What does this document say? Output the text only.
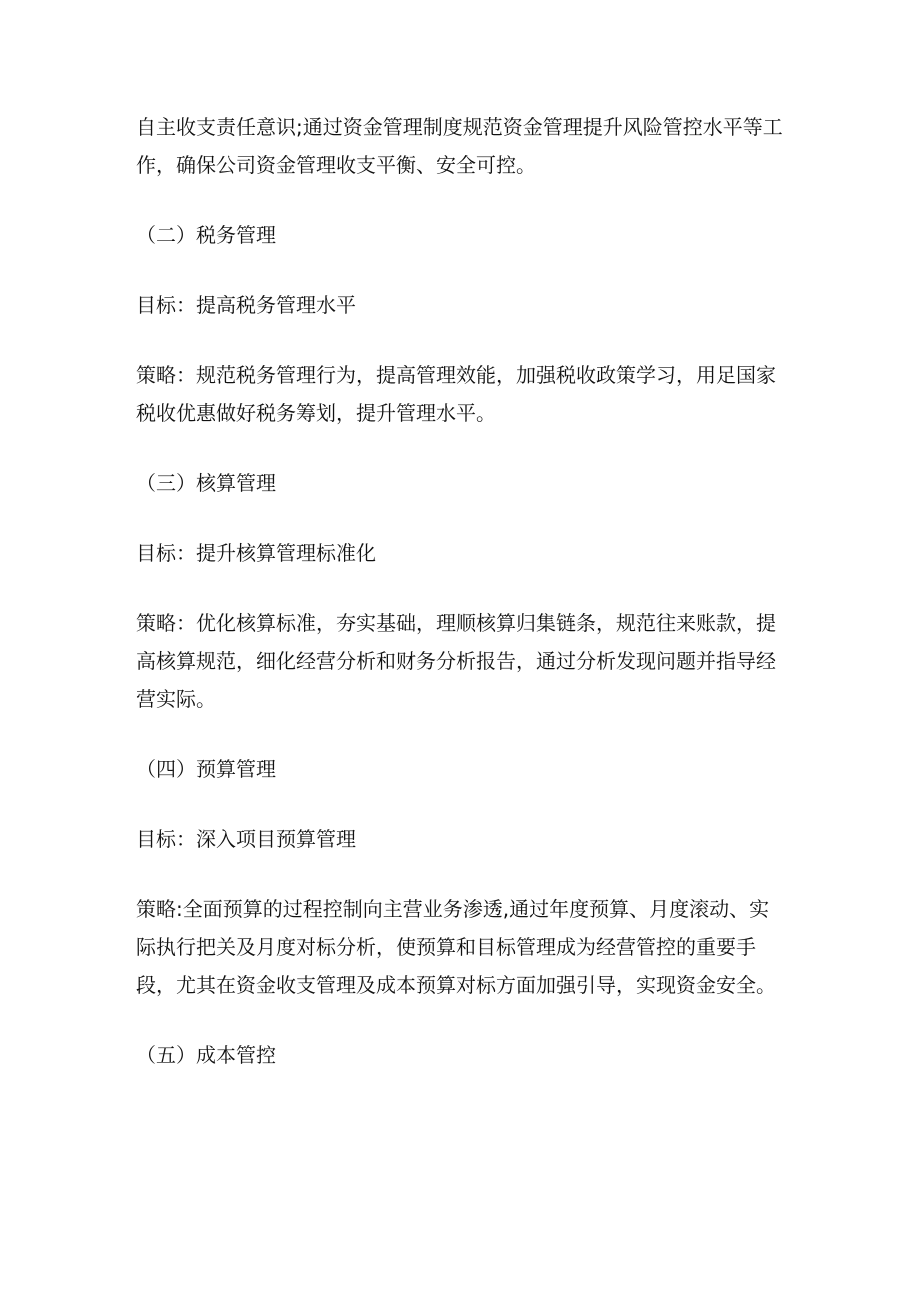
自主收支责任意识;通过资金管理制度规范资金管理提升风险管控水平等工
作，确保公司资金管理收支平衡、安全可控。

（二）税务管理

目标：提高税务管理水平

策略：规范税务管理行为，提高管理效能，加强税收政策学习，用足国家
税收优惠做好税务筹划，提升管理水平。

（三）核算管理

目标：提升核算管理标准化

策略：优化核算标准，夯实基础，理顺核算归集链条，规范往来账款，提
高核算规范，细化经营分析和财务分析报告，通过分析发现问题并指导经
营实际。

（四）预算管理

目标：深入项目预算管理

策略:全面预算的过程控制向主营业务渗透,通过年度预算、月度滚动、实
际执行把关及月度对标分析，使预算和目标管理成为经营管控的重要手
段，尤其在资金收支管理及成本预算对标方面加强引导，实现资金安全。

（五）成本管控
